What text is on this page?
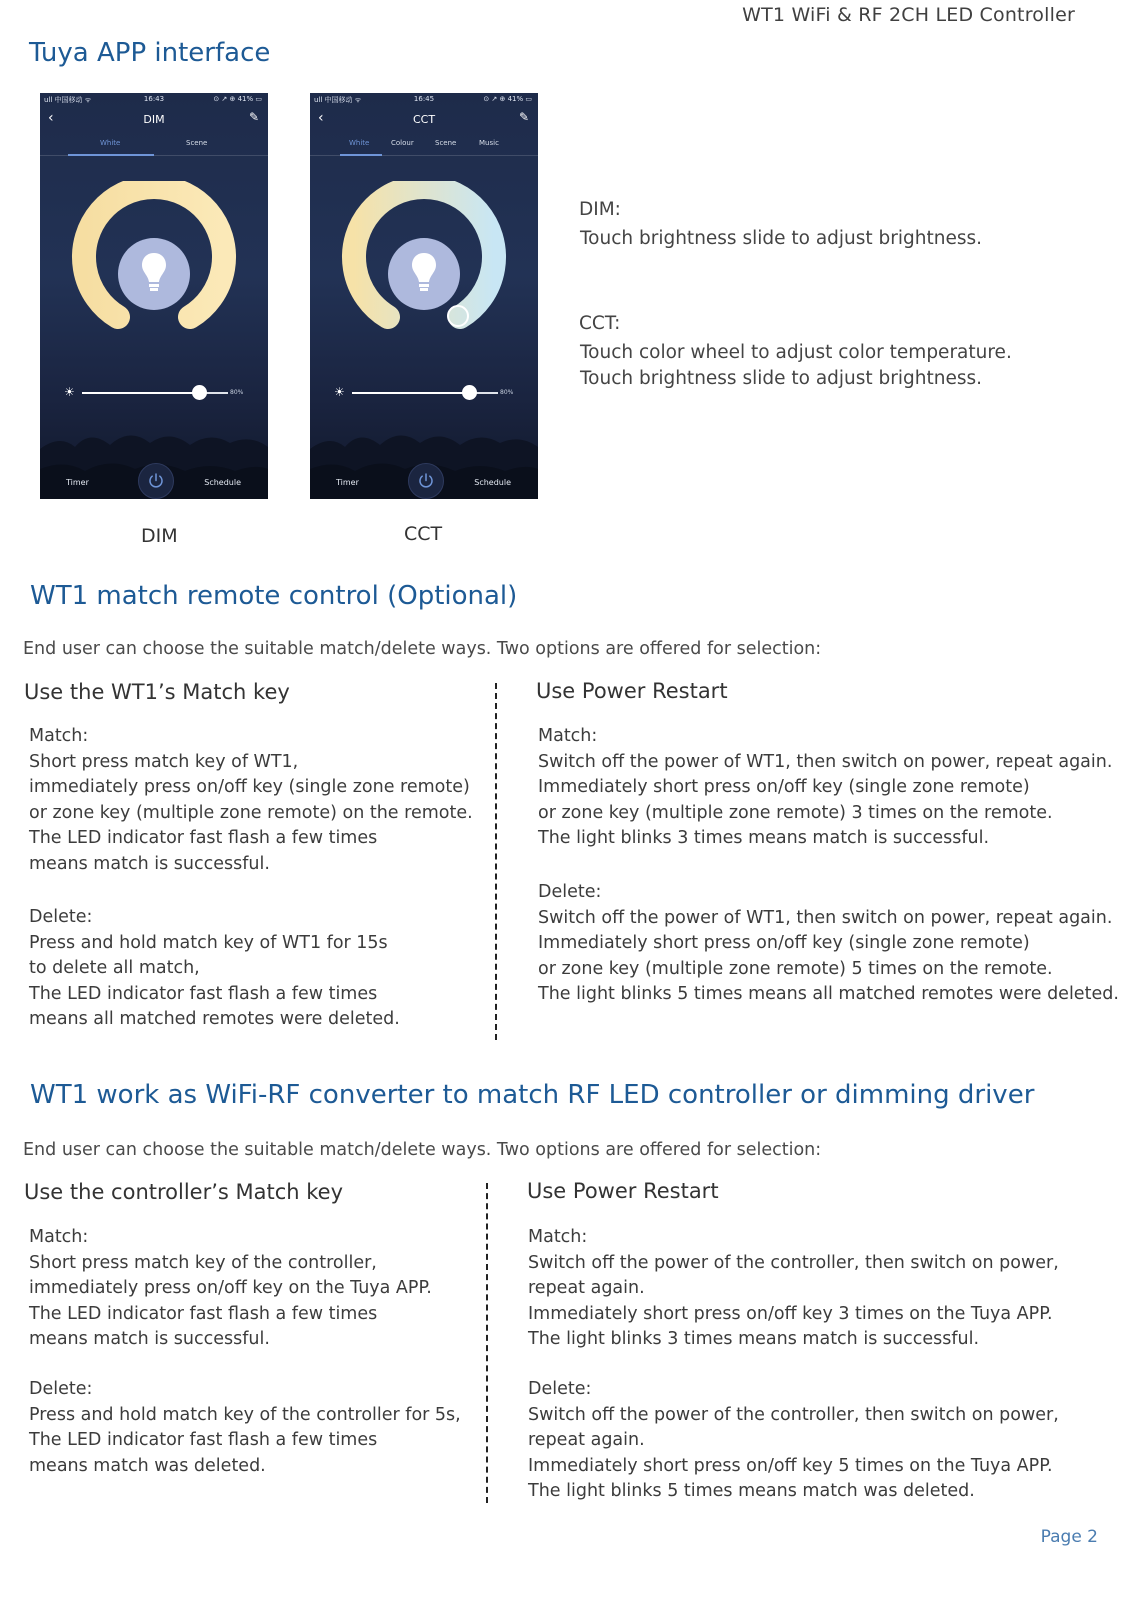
WT1 WiFi & RF 2CH LED Controller
Tuya APP interface
ull 中国移动 ᯤ	16:43	⊙ ↗ ⊕ 41% ▭
‹	DIM	✎
White	Scene
☀	80%
Timer	Schedule
ull 中国移动 ᯤ	16:45	⊙ ↗ ⊕ 41% ▭
‹	CCT	✎
White	Colour	Scene	Music
☀	80%
Timer	Schedule
DIM	CCT
DIM:
Touch brightness slide to adjust brightness.
CCT:
Touch color wheel to adjust color temperature.
Touch brightness slide to adjust brightness.
WT1 match remote control (Optional)
End user can choose the suitable match/delete ways. Two options are offered for selection:
Use the WT1’s Match key
Match:
Short press match key of WT1,
immediately press on/off key (single zone remote)
or zone key (multiple zone remote) on the remote.
The LED indicator fast flash a few times
means match is successful.
Delete:
Press and hold match key of WT1 for 15s
to delete all match,
The LED indicator fast flash a few times
means all matched remotes were deleted.
Use Power Restart
Match:
Switch off the power of WT1, then switch on power, repeat again.
Immediately short press on/off key (single zone remote)
or zone key (multiple zone remote) 3 times on the remote.
The light blinks 3 times means match is successful.
Delete:
Switch off the power of WT1, then switch on power, repeat again.
Immediately short press on/off key (single zone remote)
or zone key (multiple zone remote) 5 times on the remote.
The light blinks 5 times means all matched remotes were deleted.
WT1 work as WiFi-RF converter to match RF LED controller or dimming driver
End user can choose the suitable match/delete ways. Two options are offered for selection:
Use the controller’s Match key
Match:
Short press match key of the controller,
immediately press on/off key on the Tuya APP.
The LED indicator fast flash a few times
means match is successful.
Delete:
Press and hold match key of the controller for 5s,
The LED indicator fast flash a few times
means match was deleted.
Use Power Restart
Match:
Switch off the power of the controller, then switch on power,
repeat again.
Immediately short press on/off key 3 times on the Tuya APP.
The light blinks 3 times means match is successful.
Delete:
Switch off the power of the controller, then switch on power,
repeat again.
Immediately short press on/off key 5 times on the Tuya APP.
The light blinks 5 times means match was deleted.
Page 2
